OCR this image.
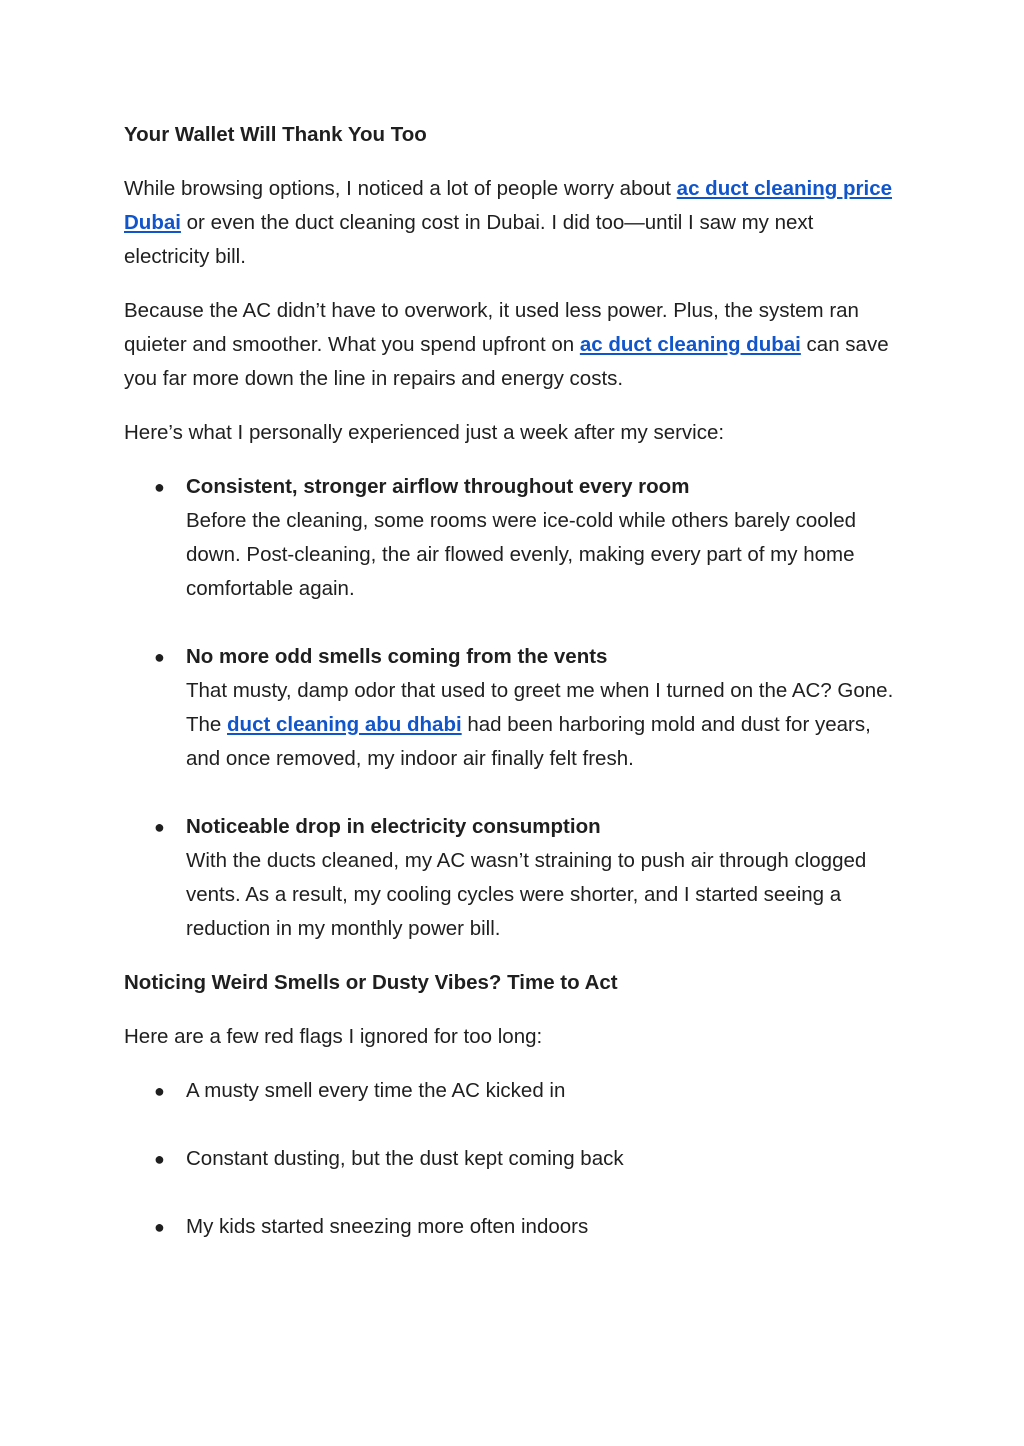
Your Wallet Will Thank You Too

While browsing options, I noticed a lot of people worry about ac duct cleaning price Dubai or even the duct cleaning cost in Dubai. I did too—until I saw my next electricity bill.

Because the AC didn’t have to overwork, it used less power. Plus, the system ran quieter and smoother. What you spend upfront on ac duct cleaning dubai can save you far more down the line in repairs and energy costs.

Here’s what I personally experienced just a week after my service:

● Consistent, stronger airflow throughout every room
Before the cleaning, some rooms were ice-cold while others barely cooled down. Post-cleaning, the air flowed evenly, making every part of my home comfortable again.
● No more odd smells coming from the vents
That musty, damp odor that used to greet me when I turned on the AC? Gone. The duct cleaning abu dhabi had been harboring mold and dust for years, and once removed, my indoor air finally felt fresh.
● Noticeable drop in electricity consumption
With the ducts cleaned, my AC wasn’t straining to push air through clogged vents. As a result, my cooling cycles were shorter, and I started seeing a reduction in my monthly power bill.
Noticing Weird Smells or Dusty Vibes? Time to Act

Here are a few red flags I ignored for too long:

● A musty smell every time the AC kicked in
● Constant dusting, but the dust kept coming back
● My kids started sneezing more often indoors
